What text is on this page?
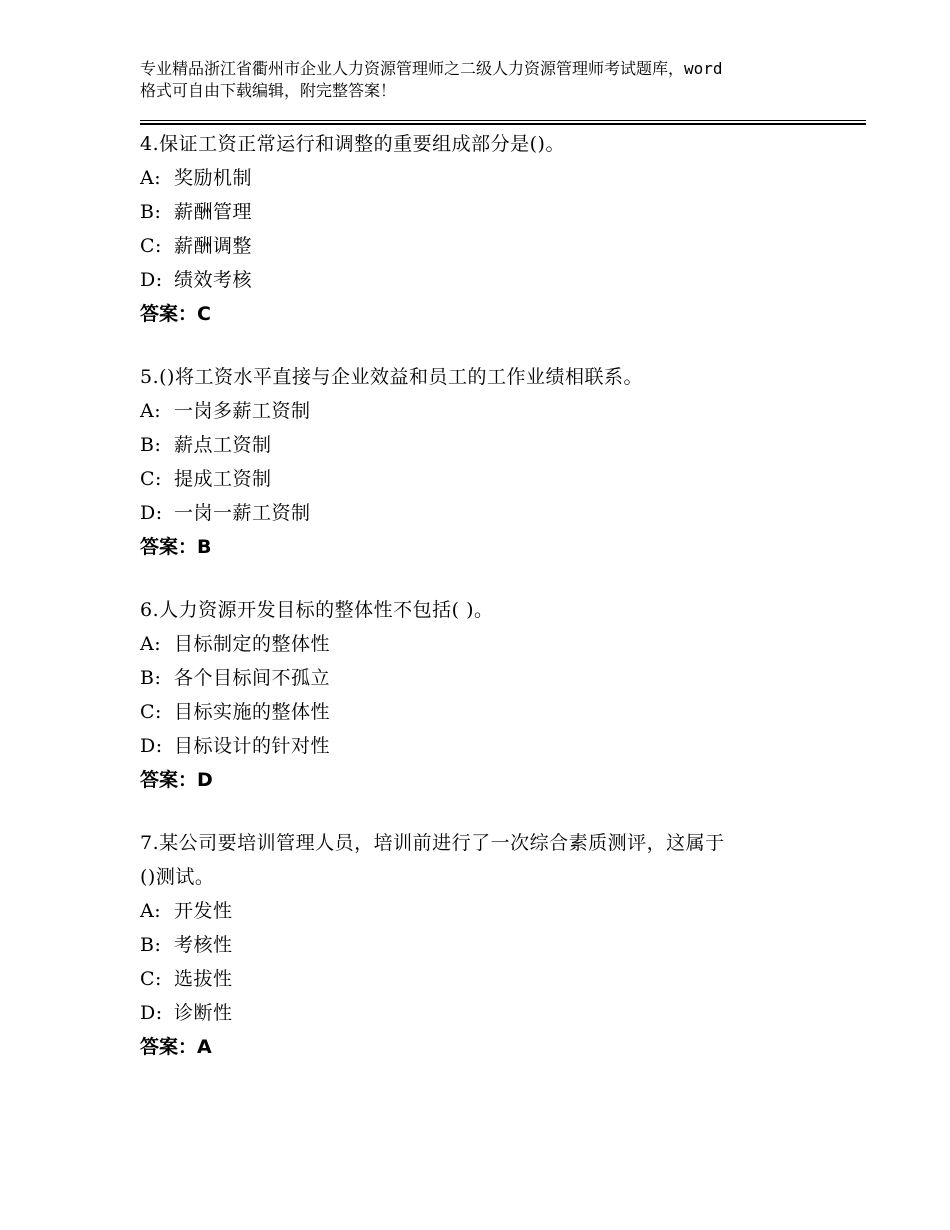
专业精品浙江省衢州市企业人力资源管理师之二级人力资源管理师考试题库，word
格式可自由下载编辑，附完整答案！
4.保证工资正常运行和调整的重要组成部分是()。
A: 奖励机制
B: 薪酬管理
C: 薪酬调整
D: 绩效考核
答案：C
5.()将工资水平直接与企业效益和员工的工作业绩相联系。
A: 一岗多薪工资制
B: 薪点工资制
C: 提成工资制
D: 一岗一薪工资制
答案：B
6.人力资源开发目标的整体性不包括( )。
A: 目标制定的整体性
B: 各个目标间不孤立
C: 目标实施的整体性
D: 目标设计的针对性
答案：D
7.某公司要培训管理人员，培训前进行了一次综合素质测评，这属于
()测试。
A: 开发性
B: 考核性
C: 选拔性
D: 诊断性
答案：A
